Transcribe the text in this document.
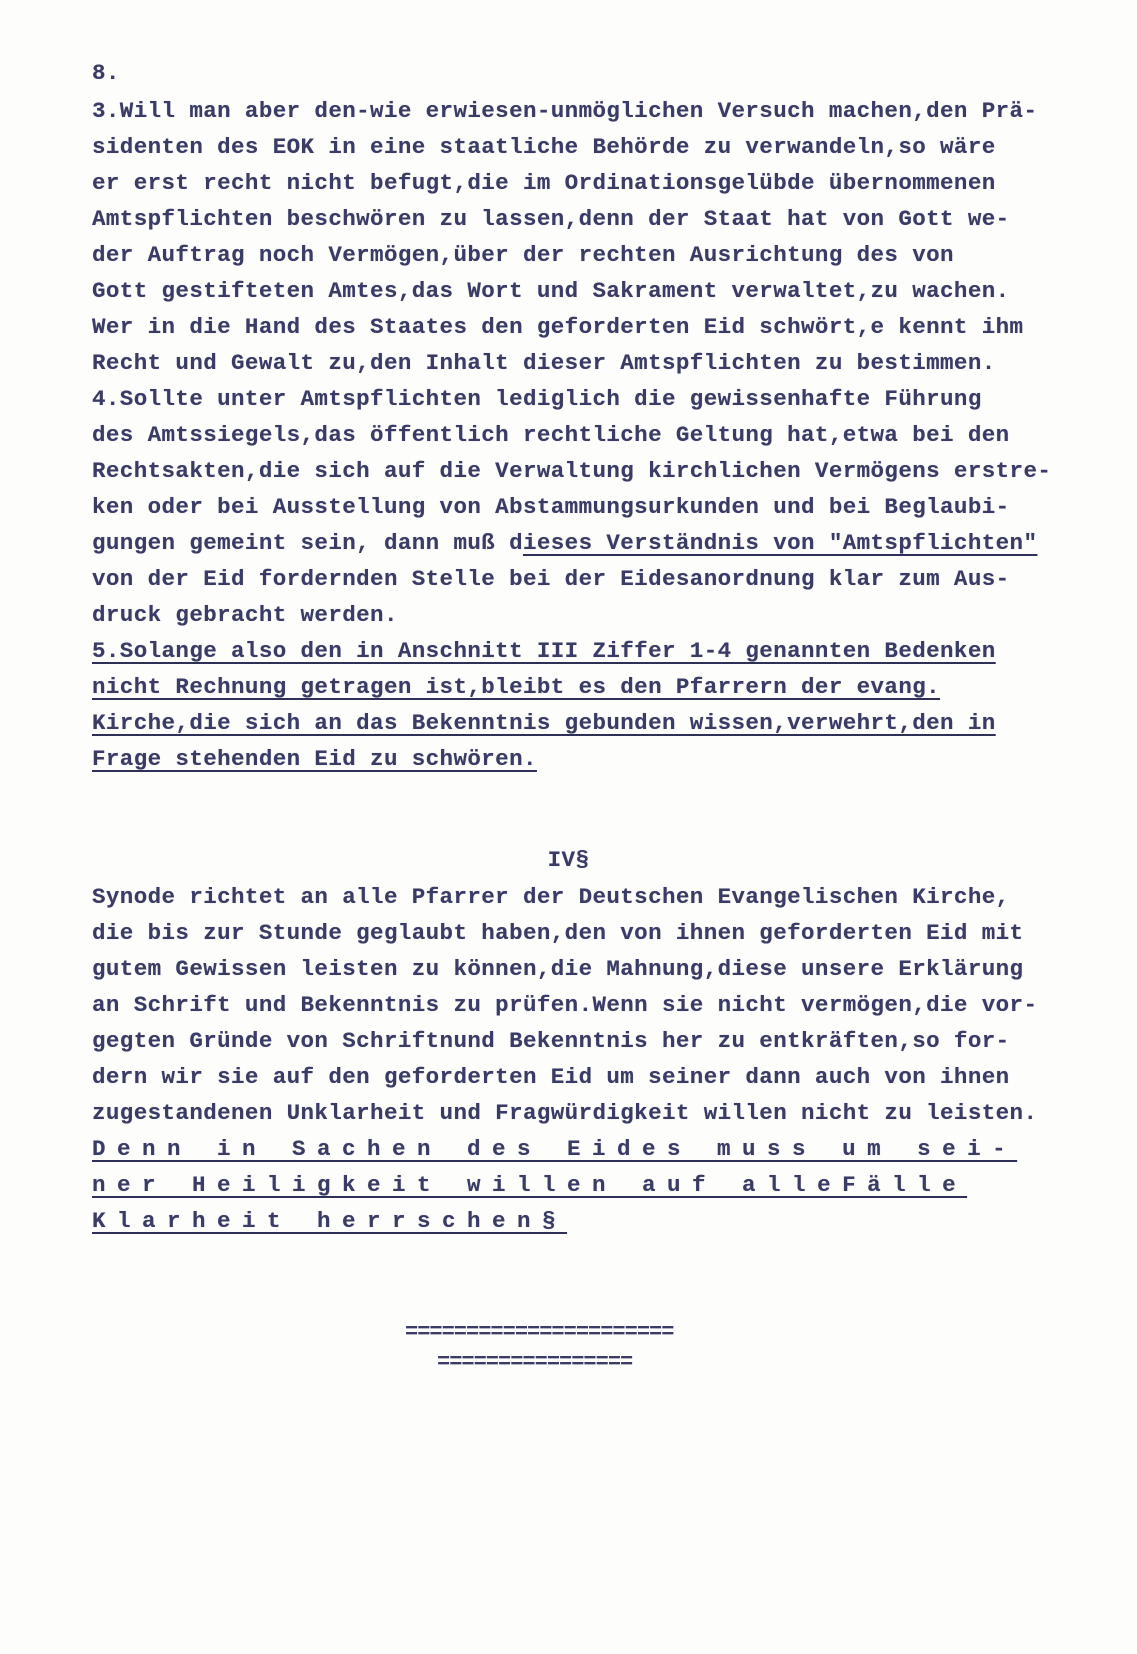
8.
3.Will man aber den-wie erwiesen-unmöglichen Versuch machen,den Prä-
sidenten des EOK in eine staatliche Behörde zu verwandeln,so wäre
er erst recht nicht befugt,die im Ordinationsgelübde übernommenen
Amtspflichten beschwören zu lassen,denn der Staat hat von Gott we-
der Auftrag noch Vermögen,über der rechten Ausrichtung des von
Gott gestifteten Amtes,das Wort und Sakrament verwaltet,zu wachen.
Wer in die Hand des Staates den geforderten Eid schwört,e kennt ihm
Recht und Gewalt zu,den Inhalt dieser Amtspflichten zu bestimmen.
4.Sollte unter Amtspflichten lediglich die gewissenhafte Führung
des Amtssiegels,das öffentlich rechtliche Geltung hat,etwa bei den
Rechtsakten,die sich auf die Verwaltung kirchlichen Vermögens erstre-
ken oder bei Ausstellung von Abstammungsurkunden und bei Beglaubi-
gungen gemeint sein, dann muß dieses Verständnis von "Amtspflichten"
von der Eid fordernden Stelle bei der Eidesanordnung klar zum Aus-
druck gebracht werden.
5.Solange also den in Anschnitt III Ziffer 1-4 genannten Bedenken
nicht Rechnung getragen ist,bleibt es den Pfarrern der evang.
Kirche,die sich an das Bekenntnis gebunden wissen,verwehrt,den in
Frage stehenden Eid zu schwören.
IV§
Synode richtet an alle Pfarrer der Deutschen Evangelischen Kirche,
die bis zur Stunde geglaubt haben,den von ihnen geforderten Eid mit
gutem Gewissen leisten zu können,die Mahnung,diese unsere Erklärung
an Schrift und Bekenntnis zu prüfen.Wenn sie nicht vermögen,die vor-
gegten Gründe von Schriftnund Bekenntnis her zu entkräften,so for-
dern wir sie auf den geforderten Eid um seiner dann auch von ihnen
zugestandenen Unklarheit und Fragwürdigkeit willen nicht zu leisten.
Denn in Sachen des Eides muss um sei-
ner Heiligkeit willen auf alleFälle
Klarheit herrschen§
======================
================
